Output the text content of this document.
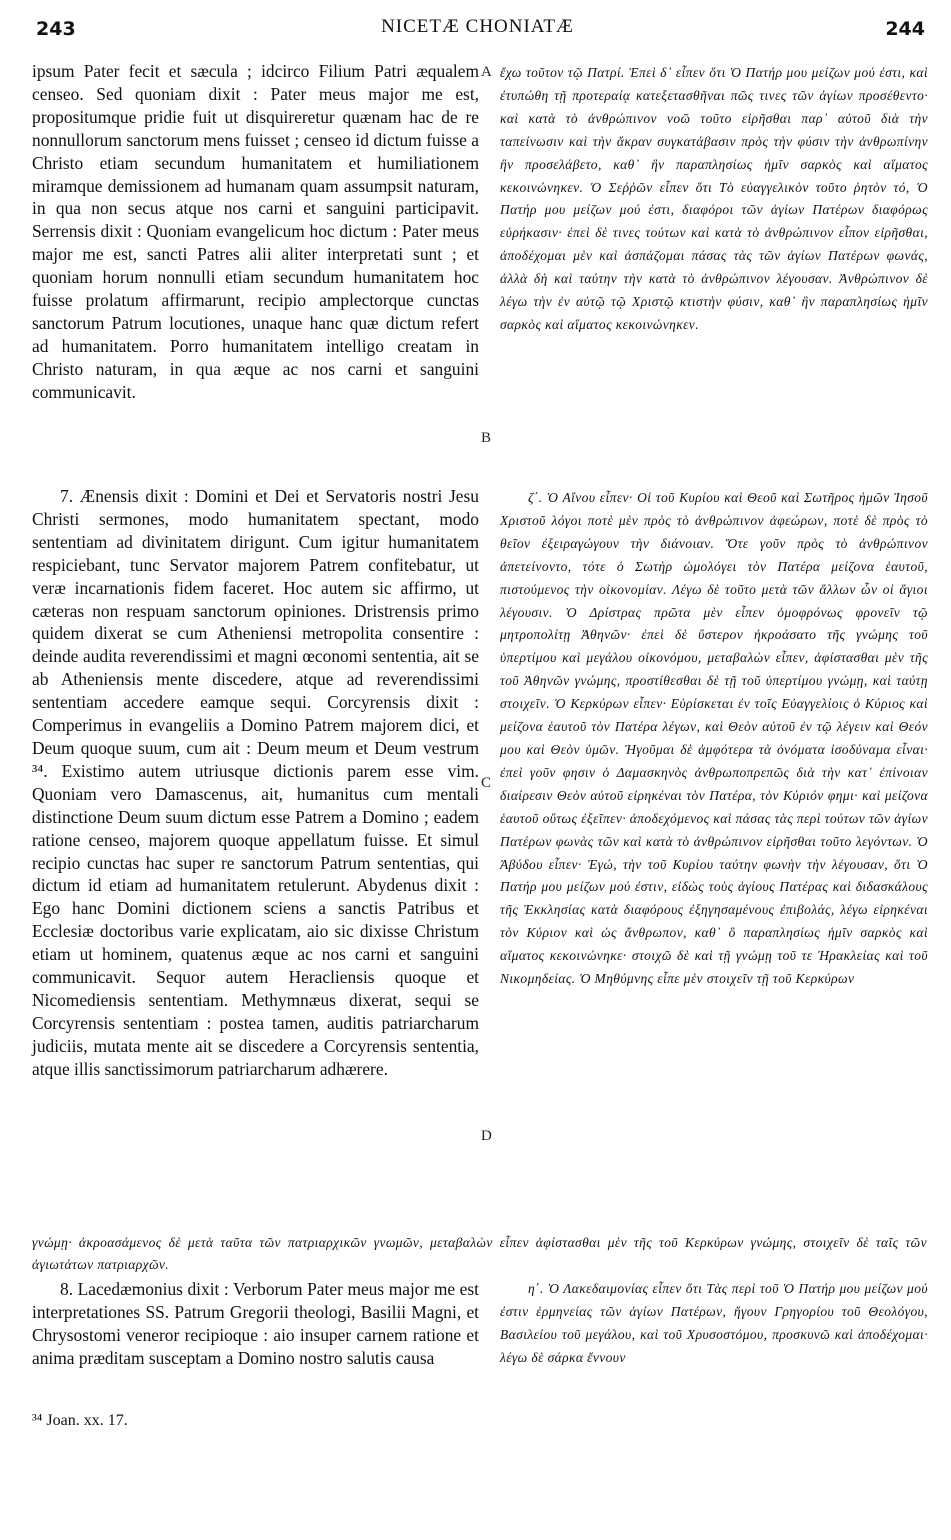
243	NICETÆ CHONIATÆ	244

ipsum Pater fecit et sæcula ; idcirco Filium Patri æqualem censeo. Sed quoniam dixit : Pater meus major me est, propositumque pridie fuit ut disquireretur quænam hac de re nonnullorum sanctorum mens fuisset ; censeo id dictum fuisse a Christo etiam secundum humanitatem et humiliationem miramque demissionem ad humanam quam assumpsit naturam, in qua non secus atque nos carni et sanguini participavit. Serrensis dixit : Quoniam evangelicum hoc dictum : Pater meus major me est, sancti Patres alii aliter interpretati sunt ; et quoniam horum nonnulli etiam secundum humanitatem hoc fuisse prolatum affirmarunt, recipio amplectorque cunctas sanctorum Patrum locutiones, unaque hanc quæ dictum refert ad humanitatem. Porro humanitatem intelligo creatam in Christo naturam, in qua æque ac nos carni et sanguini communicavit.

7. Ænensis dixit : Domini et Dei et Servatoris nostri Jesu Christi sermones, modo humanitatem spectant, modo sententiam ad divinitatem dirigunt. Cum igitur humanitatem respiciebant, tunc Servator majorem Patrem confitebatur, ut veræ incarnationis fidem faceret. Hoc autem sic affirmo, ut cæteras non respuam sanctorum opiniones. Dristrensis primo quidem dixerat se cum Atheniensi metropolita consentire : deinde audita reverendissimi et magni œconomi sententia, ait se ab Atheniensis mente discedere, atque ad reverendissimi sententiam accedere eamque sequi. Corcyrensis dixit : Comperimus in evangeliis a Domino Patrem majorem dici, et Deum quoque suum, cum ait : Deum meum et Deum vestrum ³⁴. Existimo autem utriusque dictionis parem esse vim. Quoniam vero Damascenus, ait, humanitus cum mentali distinctione Deum suum dictum esse Patrem a Domino ; eadem ratione censeo, majorem quoque appellatum fuisse. Et simul recipio cunctas hac super re sanctorum Patrum sententias, qui dictum id etiam ad humanitatem retulerunt. Abydenus dixit : Ego hanc Domini dictionem sciens a sanctis Patribus et Ecclesiæ doctoribus varie explicatam, aio sic dixisse Christum etiam ut hominem, quatenus æque ac nos carni et sanguini communicavit. Sequor autem Heracliensis quoque et Nicomediensis sententiam. Methymnæus dixerat, sequi se Corcyrensis sententiam : postea tamen, auditis patriarcharum judiciis, mutata mente ait se discedere a Corcyrensis sententia, atque illis sanctissimorum patriarcharum adhærere.

8. Lacedæmonius dixit : Verborum Pater meus major me est interpretationes SS. Patrum Gregorii theologi, Basilii Magni, et Chrysostomi veneror recipioque : aio insuper carnem ratione et anima præditam susceptam a Domino nostro salutis causa

ἔχω τοῦτον τῷ Πατρί. Ἐπεὶ δ᾽ εἶπεν ὅτι Ὁ Πατήρ μου μείζων μού ἐστι, καὶ ἐτυπώθη τῇ προτεραίᾳ κατεξετασθῆναι πῶς τινες τῶν ἁγίων προσέθεντο· καὶ κατὰ τὸ ἀνθρώπινον νοῶ τοῦτο εἰρῆσθαι παρ᾽ αὐτοῦ διὰ τὴν ταπείνωσιν καὶ τὴν ἄκραν συγκατάβασιν πρὸς τὴν φύσιν τὴν ἀνθρωπίνην ἣν προσελάβετο, καθ᾽ ἣν παραπλησίως ἡμῖν σαρκὸς καὶ αἵματος κεκοινώνηκεν. Ὁ Σεῤῥῶν εἶπεν ὅτι Τὸ εὐαγγελικὸν τοῦτο ῥητὸν τό, Ὁ Πατήρ μου μείζων μού ἐστι, διαφόροι τῶν ἁγίων Πατέρων διαφόρως εὐρήκασιν· ἐπεὶ δὲ τινες τούτων καὶ κατὰ τὸ ἀνθρώπινον εἶπον εἰρῆσθαι, ἀποδέχομαι μὲν καὶ ἀσπάζομαι πάσας τὰς τῶν ἁγίων Πατέρων φωνάς, ἀλλὰ δὴ καὶ ταύτην τὴν κατὰ τὸ ἀνθρώπινον λέγουσαν. Ἀνθρώπινον δὲ λέγω τὴν ἐν αὐτῷ τῷ Χριστῷ κτιστὴν φύσιν, καθ᾽ ἣν παραπλησίως ἡμῖν σαρκὸς καὶ αἵματος κεκοινώνηκεν.

ζ΄. Ὁ Αἴνου εἶπεν· Οἱ τοῦ Κυρίου καὶ Θεοῦ καὶ Σωτῆρος ἡμῶν Ἰησοῦ Χριστοῦ λόγοι ποτὲ μὲν πρὸς τὸ ἀνθρώπινον ἀφεώρων, ποτὲ δὲ πρὸς τὸ θεῖον ἐξειραγώγουν τὴν διάνοιαν. Ὅτε γοῦν πρὸς τὸ ἀνθρώπινον ἀπετείνοντο, τότε ὁ Σωτὴρ ὡμολόγει τὸν Πατέρα μείζονα ἑαυτοῦ, πιστούμενος τὴν οἰκονομίαν. Λέγω δὲ τοῦτο μετὰ τῶν ἄλλων ὧν οἱ ἅγιοι λέγουσιν. Ὁ Δρίστρας πρῶτα μὲν εἶπεν ὁμοφρόνως φρονεῖν τῷ μητροπολίτῃ Ἀθηνῶν· ἐπεὶ δὲ ὕστερον ἠκροάσατο τῆς γνώμης τοῦ ὑπερτίμου καὶ μεγάλου οἰκονόμου, μεταβαλὼν εἶπεν, ἀφίστασθαι μὲν τῆς τοῦ Ἀθηνῶν γνώμης, προστίθεσθαι δὲ τῇ τοῦ ὑπερτίμου γνώμῃ, καὶ ταύτῃ στοιχεῖν. Ὁ Κερκύρων εἶπεν· Εὑρίσκεται ἐν τοῖς Εὐαγγελίοις ὁ Κύριος καὶ μείζονα ἑαυτοῦ τὸν Πατέρα λέγων, καὶ Θεὸν αὐτοῦ ἐν τῷ λέγειν καὶ Θεόν μου καὶ Θεὸν ὑμῶν. Ἡγοῦμαι δὲ ἀμφότερα τὰ ὀνόματα ἰσοδύναμα εἶναι· ἐπεὶ γοῦν φησιν ὁ Δαμασκηνὸς ἀνθρωποπρεπῶς διὰ τὴν κατ᾽ ἐπίνοιαν διαίρεσιν Θεὸν αὐτοῦ εἰρηκέναι τὸν Πατέρα, τὸν Κύριόν φημι· καὶ μείζονα ἑαυτοῦ οὕτως ἐξεῖπεν· ἀποδεχόμενος καὶ πάσας τὰς περὶ τούτων τῶν ἁγίων Πατέρων φωνὰς τῶν καὶ κατὰ τὸ ἀνθρώπινον εἰρῆσθαι τοῦτο λεγόντων. Ὁ Ἀβύδου εἶπεν· Ἐγώ, τὴν τοῦ Κυρίου ταύτην φωνὴν τὴν λέγουσαν, ὅτι Ὁ Πατήρ μου μείζων μού ἐστιν, εἰδὼς τοὺς ἁγίους Πατέρας καὶ διδασκάλους τῆς Ἐκκλησίας κατὰ διαφόρους ἐξηγησαμένους ἐπιβολάς, λέγω εἰρηκέναι τὸν Κύριον καὶ ὡς ἄνθρωπον, καθ᾽ ὃ παραπλησίως ἡμῖν σαρκὸς καὶ αἵματος κεκοινώνηκε· στοιχῶ δὲ καὶ τῇ γνώμῃ τοῦ τε Ἡρακλείας καὶ τοῦ Νικομηδείας. Ὁ Μηθύμνης εἶπε μὲν στοιχεῖν τῇ τοῦ Κερκύρων

γνώμῃ· ἀκροασάμενος δὲ μετὰ ταῦτα τῶν πατριαρχικῶν γνωμῶν, μεταβαλὼν εἶπεν ἀφίστασθαι μὲν τῆς τοῦ Κερκύρων γνώμης, στοιχεῖν δὲ ταῖς τῶν ἁγιωτάτων πατριαρχῶν.

η΄. Ὁ Λακεδαιμονίας εἶπεν ὅτι Τὰς περὶ τοῦ Ὁ Πατήρ μου μείζων μού ἐστιν ἑρμηνείας τῶν ἁγίων Πατέρων, ἤγουν Γρηγορίου τοῦ Θεολόγου, Βασιλείου τοῦ μεγάλου, καὶ τοῦ Χρυσοστόμου, προσκυνῶ καὶ ἀποδέχομαι· λέγω δὲ σάρκα ἔννουν

A
B
C
D
³⁴ Joan. xx. 17.
